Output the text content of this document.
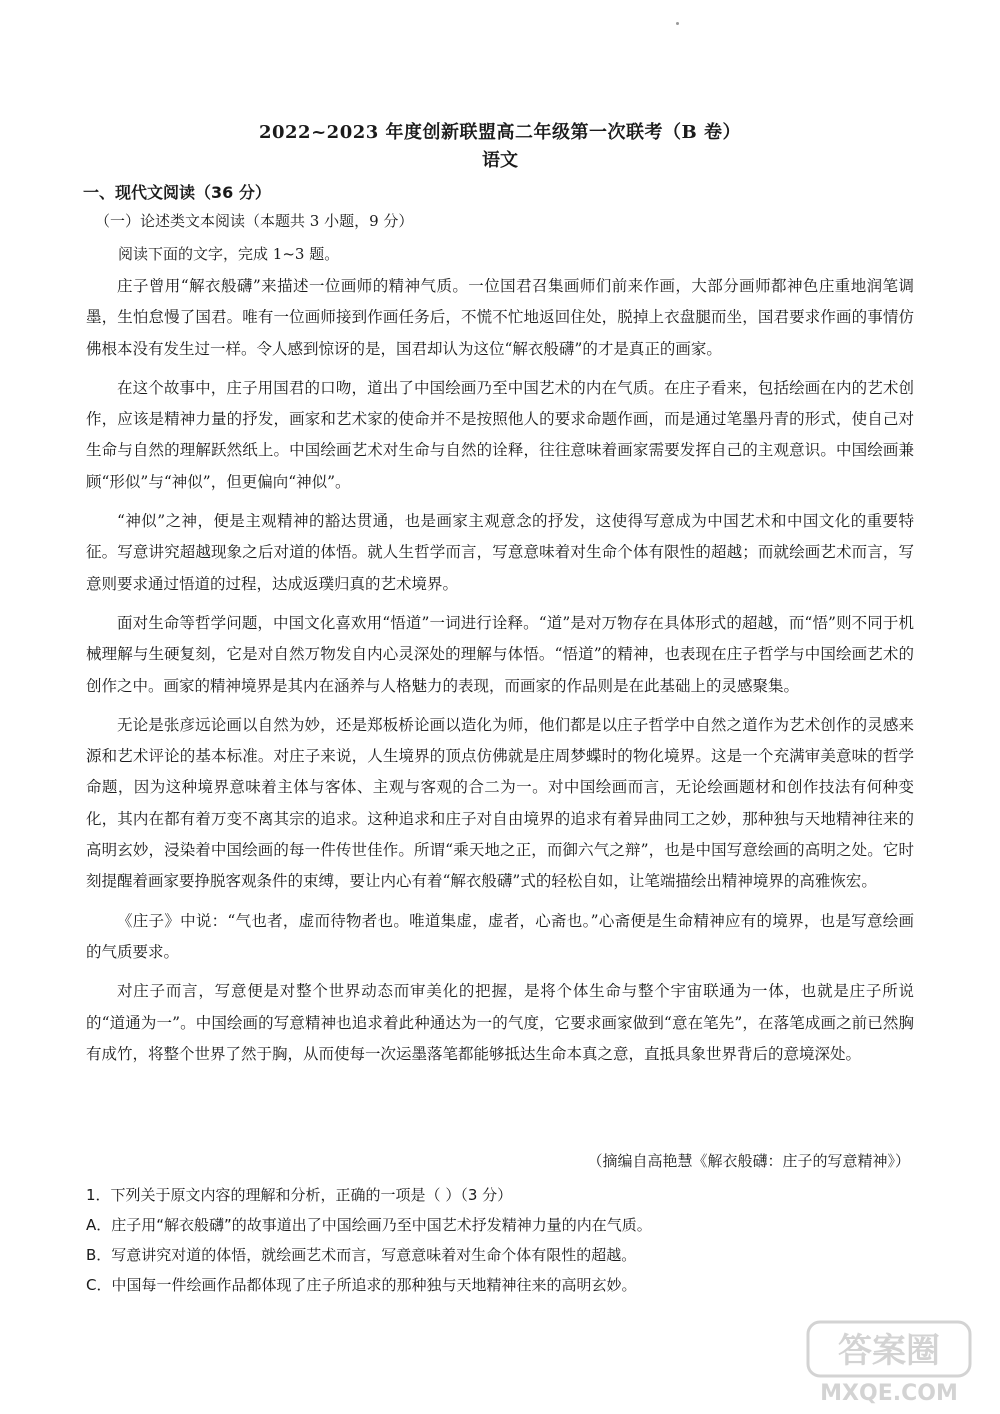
2022~2023 年度创新联盟高二年级第一次联考（B 卷）
语文
一、现代文阅读（36 分）
（一）论述类文本阅读（本题共 3 小题，9 分）
阅读下面的文字，完成 1~3 题。

庄子曾用“解衣般礴”来描述一位画师的精神气质。一位国君召集画师们前来作画，大部分画师都神色庄重地润笔调墨，生怕怠慢了国君。唯有一位画师接到作画任务后，不慌不忙地返回住处，脱掉上衣盘腿而坐，国君要求作画的事情仿佛根本没有发生过一样。令人感到惊讶的是，国君却认为这位“解衣般礴”的才是真正的画家。

在这个故事中，庄子用国君的口吻，道出了中国绘画乃至中国艺术的内在气质。在庄子看来，包括绘画在内的艺术创作，应该是精神力量的抒发，画家和艺术家的使命并不是按照他人的要求命题作画，而是通过笔墨丹青的形式，使自己对生命与自然的理解跃然纸上。中国绘画艺术对生命与自然的诠释，往往意味着画家需要发挥自己的主观意识。中国绘画兼顾“形似”与“神似”，但更偏向“神似”。

“神似”之神，便是主观精神的豁达贯通，也是画家主观意念的抒发，这使得写意成为中国艺术和中国文化的重要特征。写意讲究超越现象之后对道的体悟。就人生哲学而言，写意意味着对生命个体有限性的超越；而就绘画艺术而言，写意则要求通过悟道的过程，达成返璞归真的艺术境界。

面对生命等哲学问题，中国文化喜欢用“悟道”一词进行诠释。“道”是对万物存在具体形式的超越，而“悟”则不同于机械理解与生硬复刻，它是对自然万物发自内心灵深处的理解与体悟。“悟道”的精神，也表现在庄子哲学与中国绘画艺术的创作之中。画家的精神境界是其内在涵养与人格魅力的表现，而画家的作品则是在此基础上的灵感聚集。

无论是张彦远论画以自然为妙，还是郑板桥论画以造化为师，他们都是以庄子哲学中自然之道作为艺术创作的灵感来源和艺术评论的基本标准。对庄子来说，人生境界的顶点仿佛就是庄周梦蝶时的物化境界。这是一个充满审美意味的哲学命题，因为这种境界意味着主体与客体、主观与客观的合二为一。对中国绘画而言，无论绘画题材和创作技法有何种变化，其内在都有着万变不离其宗的追求。这种追求和庄子对自由境界的追求有着异曲同工之妙，那种独与天地精神往来的高明玄妙，浸染着中国绘画的每一件传世佳作。所谓“乘天地之正，而御六气之辩”，也是中国写意绘画的高明之处。它时刻提醒着画家要挣脱客观条件的束缚，要让内心有着“解衣般礴”式的轻松自如，让笔端描绘出精神境界的高雅恢宏。

《庄子》中说：“气也者，虚而待物者也。唯道集虚，虚者，心斋也。”心斋便是生命精神应有的境界，也是写意绘画的气质要求。

对庄子而言，写意便是对整个世界动态而审美化的把握，是将个体生命与整个宇宙联通为一体，也就是庄子所说的“道通为一”。中国绘画的写意精神也追求着此种通达为一的气度，它要求画家做到“意在笔先”，在落笔成画之前已然胸有成竹，将整个世界了然于胸，从而使每一次运墨落笔都能够抵达生命本真之意，直抵具象世界背后的意境深处。

（摘编自高艳慧《解衣般礴：庄子的写意精神》）
1．下列关于原文内容的理解和分析，正确的一项是（ ）（3 分）
A．庄子用“解衣般礴”的故事道出了中国绘画乃至中国艺术抒发精神力量的内在气质。
B．写意讲究对道的体悟，就绘画艺术而言，写意意味着对生命个体有限性的超越。
C．中国每一件绘画作品都体现了庄子所追求的那种独与天地精神往来的高明玄妙。
答案圈
MXQE.COM
